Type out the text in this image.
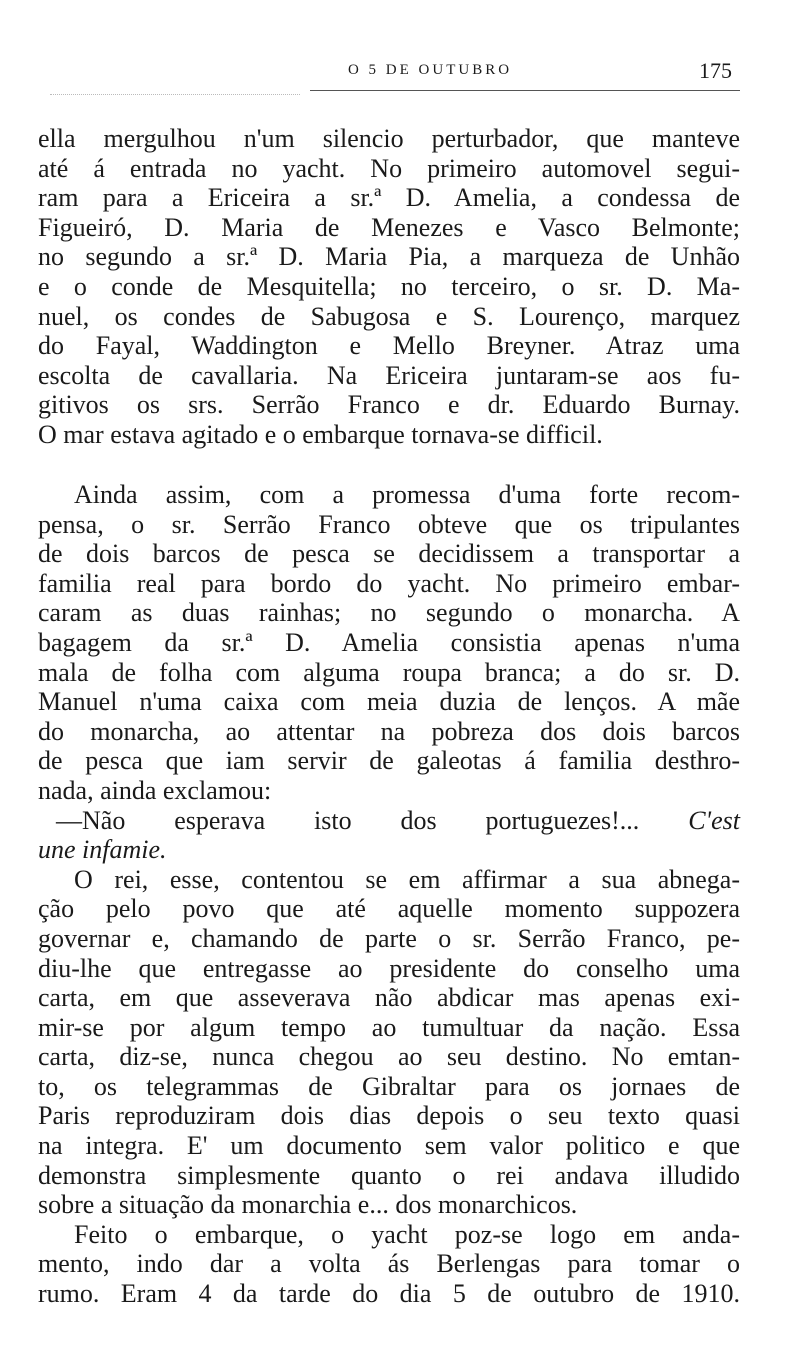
O 5 DE OUTUBRO	175
ella mergulhou n'um silencio perturbador, que manteve
até á entrada no yacht. No primeiro automovel segui-
ram para a Ericeira a sr.ª D. Amelia, a condessa de
Figueiró, D. Maria de Menezes e Vasco Belmonte;
no segundo a sr.ª D. Maria Pia, a marqueza de Unhão
e o conde de Mesquitella; no terceiro, o sr. D. Ma-
nuel, os condes de Sabugosa e S. Lourenço, marquez
do Fayal, Waddington e Mello Breyner. Atraz uma
escolta de cavallaria. Na Ericeira juntaram-se aos fu-
gitivos os srs. Serrão Franco e dr. Eduardo Burnay.
O mar estava agitado e o embarque tornava-se difficil.
Ainda assim, com a promessa d'uma forte recom-
pensa, o sr. Serrão Franco obteve que os tripulantes
de dois barcos de pesca se decidissem a transportar a
familia real para bordo do yacht. No primeiro embar-
caram as duas rainhas; no segundo o monarcha. A
bagagem da sr.ª D. Amelia consistia apenas n'uma
mala de folha com alguma roupa branca; a do sr. D.
Manuel n'uma caixa com meia duzia de lenços. A mãe
do monarcha, ao attentar na pobreza dos dois barcos
de pesca que iam servir de galeotas á familia desthro-
nada, ainda exclamou:
—Não esperava isto dos portuguezes!... C'est
une infamie.
O rei, esse, contentou se em affirmar a sua abnega-
ção pelo povo que até aquelle momento suppozera
governar e, chamando de parte o sr. Serrão Franco, pe-
diu-lhe que entregasse ao presidente do conselho uma
carta, em que asseverava não abdicar mas apenas exi-
mir-se por algum tempo ao tumultuar da nação. Essa
carta, diz-se, nunca chegou ao seu destino. No emtan-
to, os telegrammas de Gibraltar para os jornaes de
Paris reproduziram dois dias depois o seu texto quasi
na integra. E' um documento sem valor politico e que
demonstra simplesmente quanto o rei andava illudido
sobre a situação da monarchia e... dos monarchicos.
Feito o embarque, o yacht poz-se logo em anda-
mento, indo dar a volta ás Berlengas para tomar o
rumo. Eram 4 da tarde do dia 5 de outubro de 1910.
